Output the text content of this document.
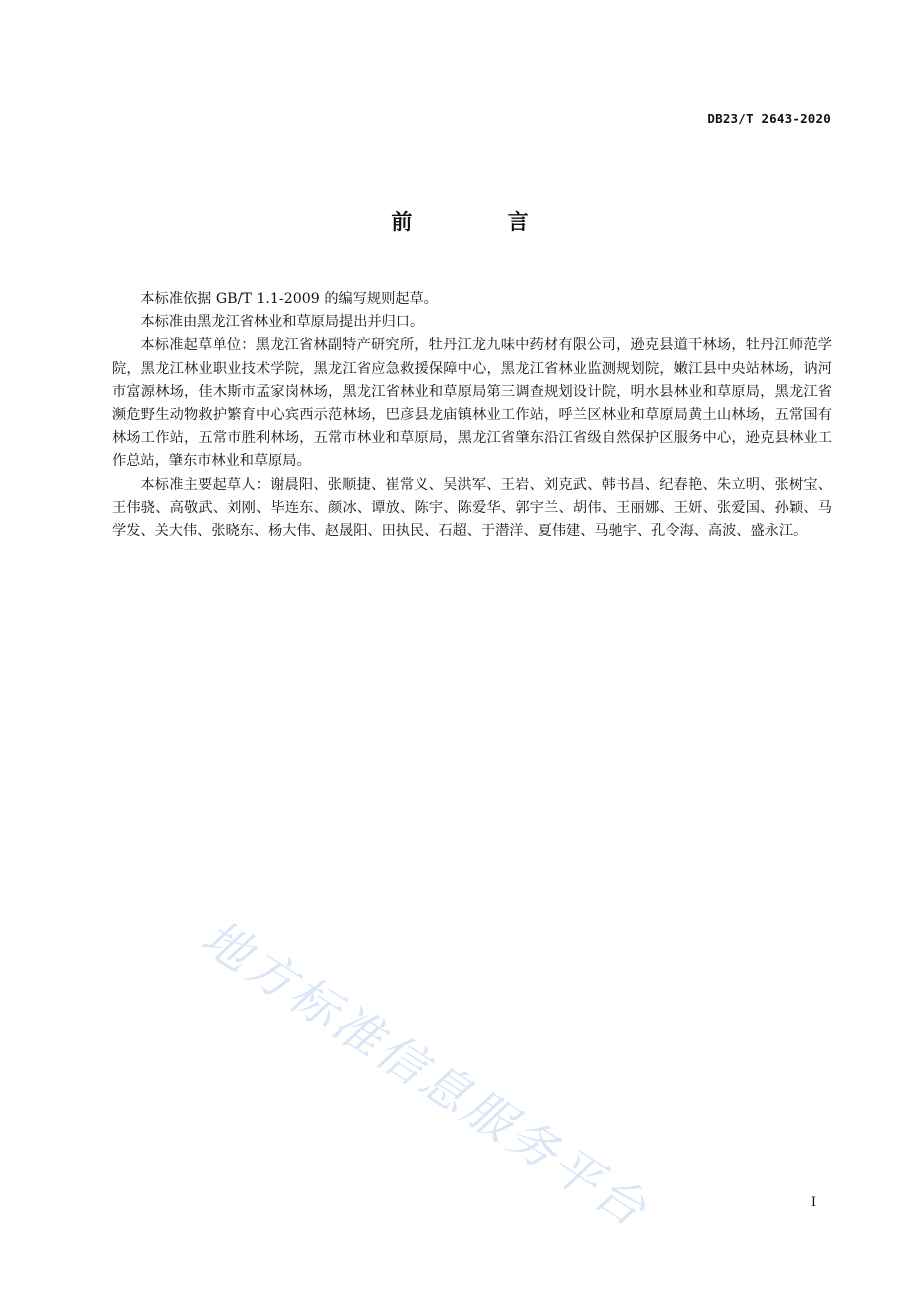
DB23/T 2643-2020
前 言

本标准依据 GB/T 1.1-2009 的编写规则起草。

本标准由黑龙江省林业和草原局提出并归口。

本标准起草单位：黑龙江省林副特产研究所，牡丹江龙九味中药材有限公司，逊克县道干林场，牡丹江师范学院，黑龙江林业职业技术学院，黑龙江省应急救援保障中心，黑龙江省林业监测规划院，嫩江县中央站林场，讷河市富源林场，佳木斯市孟家岗林场，黑龙江省林业和草原局第三调查规划设计院，明水县林业和草原局，黑龙江省濒危野生动物救护繁育中心宾西示范林场，巴彦县龙庙镇林业工作站，呼兰区林业和草原局黄土山林场，五常国有林场工作站，五常市胜利林场，五常市林业和草原局，黑龙江省肇东沿江省级自然保护区服务中心，逊克县林业工作总站，肇东市林业和草原局。

本标准主要起草人：谢晨阳、张顺捷、崔常义、吴洪军、王岩、刘克武、韩书昌、纪春艳、朱立明、张树宝、王伟骁、高敬武、刘刚、毕连东、颜冰、谭放、陈宇、陈爱华、郭宇兰、胡伟、王丽娜、王妍、张爱国、孙颖、马学发、关大伟、张晓东、杨大伟、赵晟阳、田执民、石超、于潜洋、夏伟建、马驰宇、孔令海、高波、盛永江。

地方标准信息服务平台	I
